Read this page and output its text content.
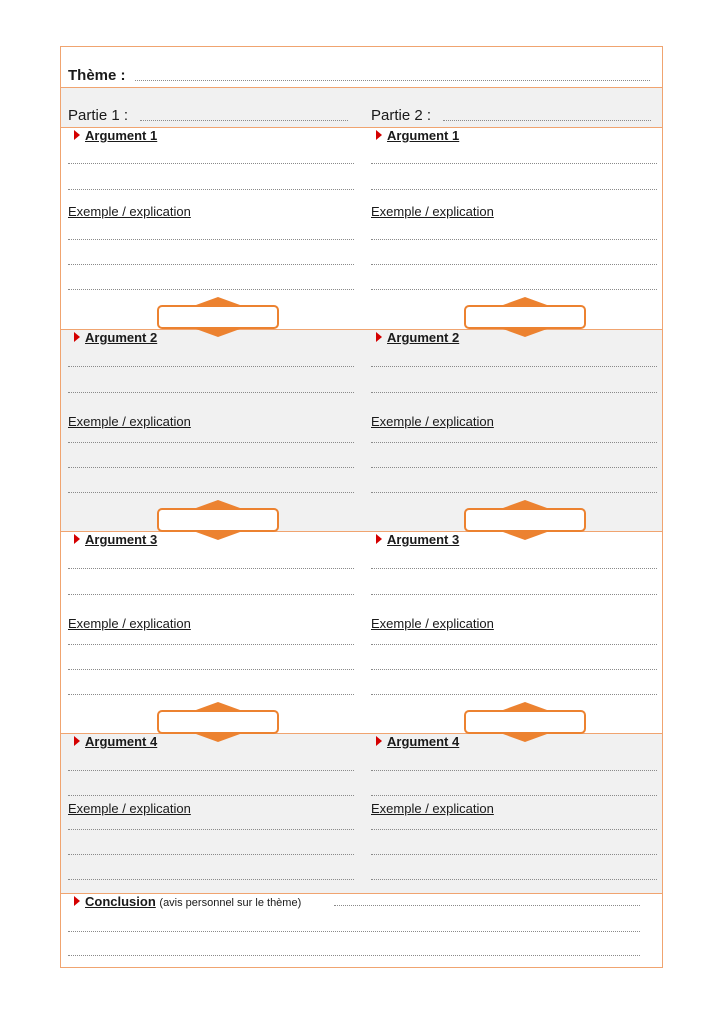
Thème :
Partie 1 :	Partie 2 :
Argument 1	Argument 1
Exemple / explication	Exemple / explication
Argument 2	Argument 2
Exemple / explication	Exemple / explication
Argument 3	Argument 3
Exemple / explication	Exemple / explication
Argument 4	Argument 4
Exemple / explication	Exemple / explication
Conclusion (avis personnel sur le thème)
